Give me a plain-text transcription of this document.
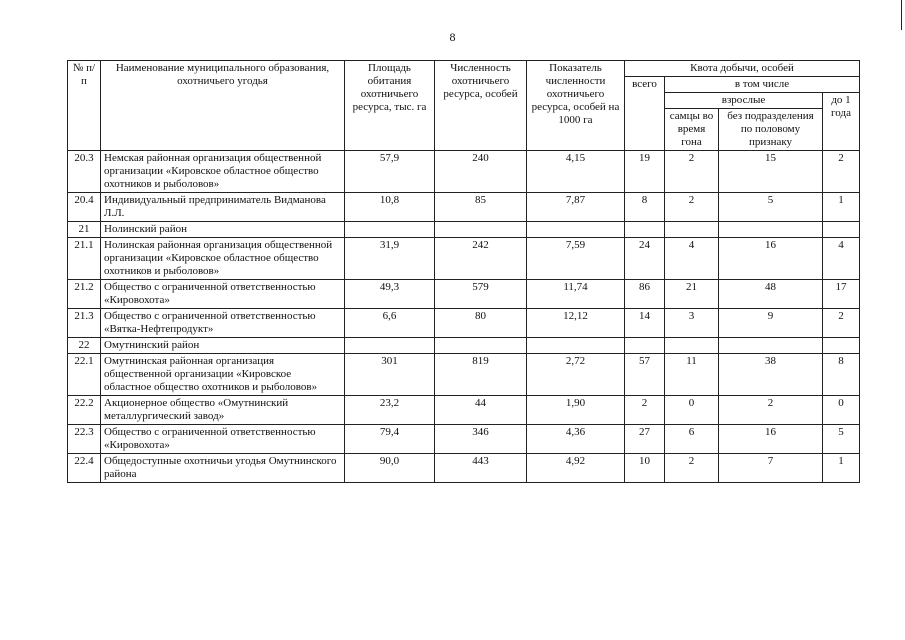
8
№ п/п	Наименование муниципального образования, охотничьего угодья	Площадь обитания охотничьего ресурса, тыс. га	Численность охотничьего ресурса, особей	Показатель численности охотничьего ресурса, особей на 1000 га	Квота добычи, особей			
					всего	в том числе		
						взрослые		до 1 года
						самцы во время гона	без подразделения по половому признаку	
20.3	Немская районная организация общественной организации «Кировское областное общество охотников и рыболовов»	57,9	240	4,15	19	2	15	2
20.4	Индивидуальный предприниматель Видманова Л.Л.	10,8	85	7,87	8	2	5	1
21	Нолинский район							
21.1	Нолинская районная организация общественной организации «Кировское областное общество охотников и рыболовов»	31,9	242	7,59	24	4	16	4
21.2	Общество с ограниченной ответственностью «Кировохота»	49,3	579	11,74	86	21	48	17
21.3	Общество с ограниченной ответственностью «Вятка-Нефтепродукт»	6,6	80	12,12	14	3	9	2
22	Омутнинский район							
22.1	Омутнинская районная организация общественной организации «Кировское областное общество охотников и рыболовов»	301	819	2,72	57	11	38	8
22.2	Акционерное общество «Омутнинский металлургический завод»	23,2	44	1,90	2	0	2	0
22.3	Общество с ограниченной ответственностью «Кировохота»	79,4	346	4,36	27	6	16	5
22.4	Общедоступные охотничьи угодья Омутнинского района	90,0	443	4,92	10	2	7	1
